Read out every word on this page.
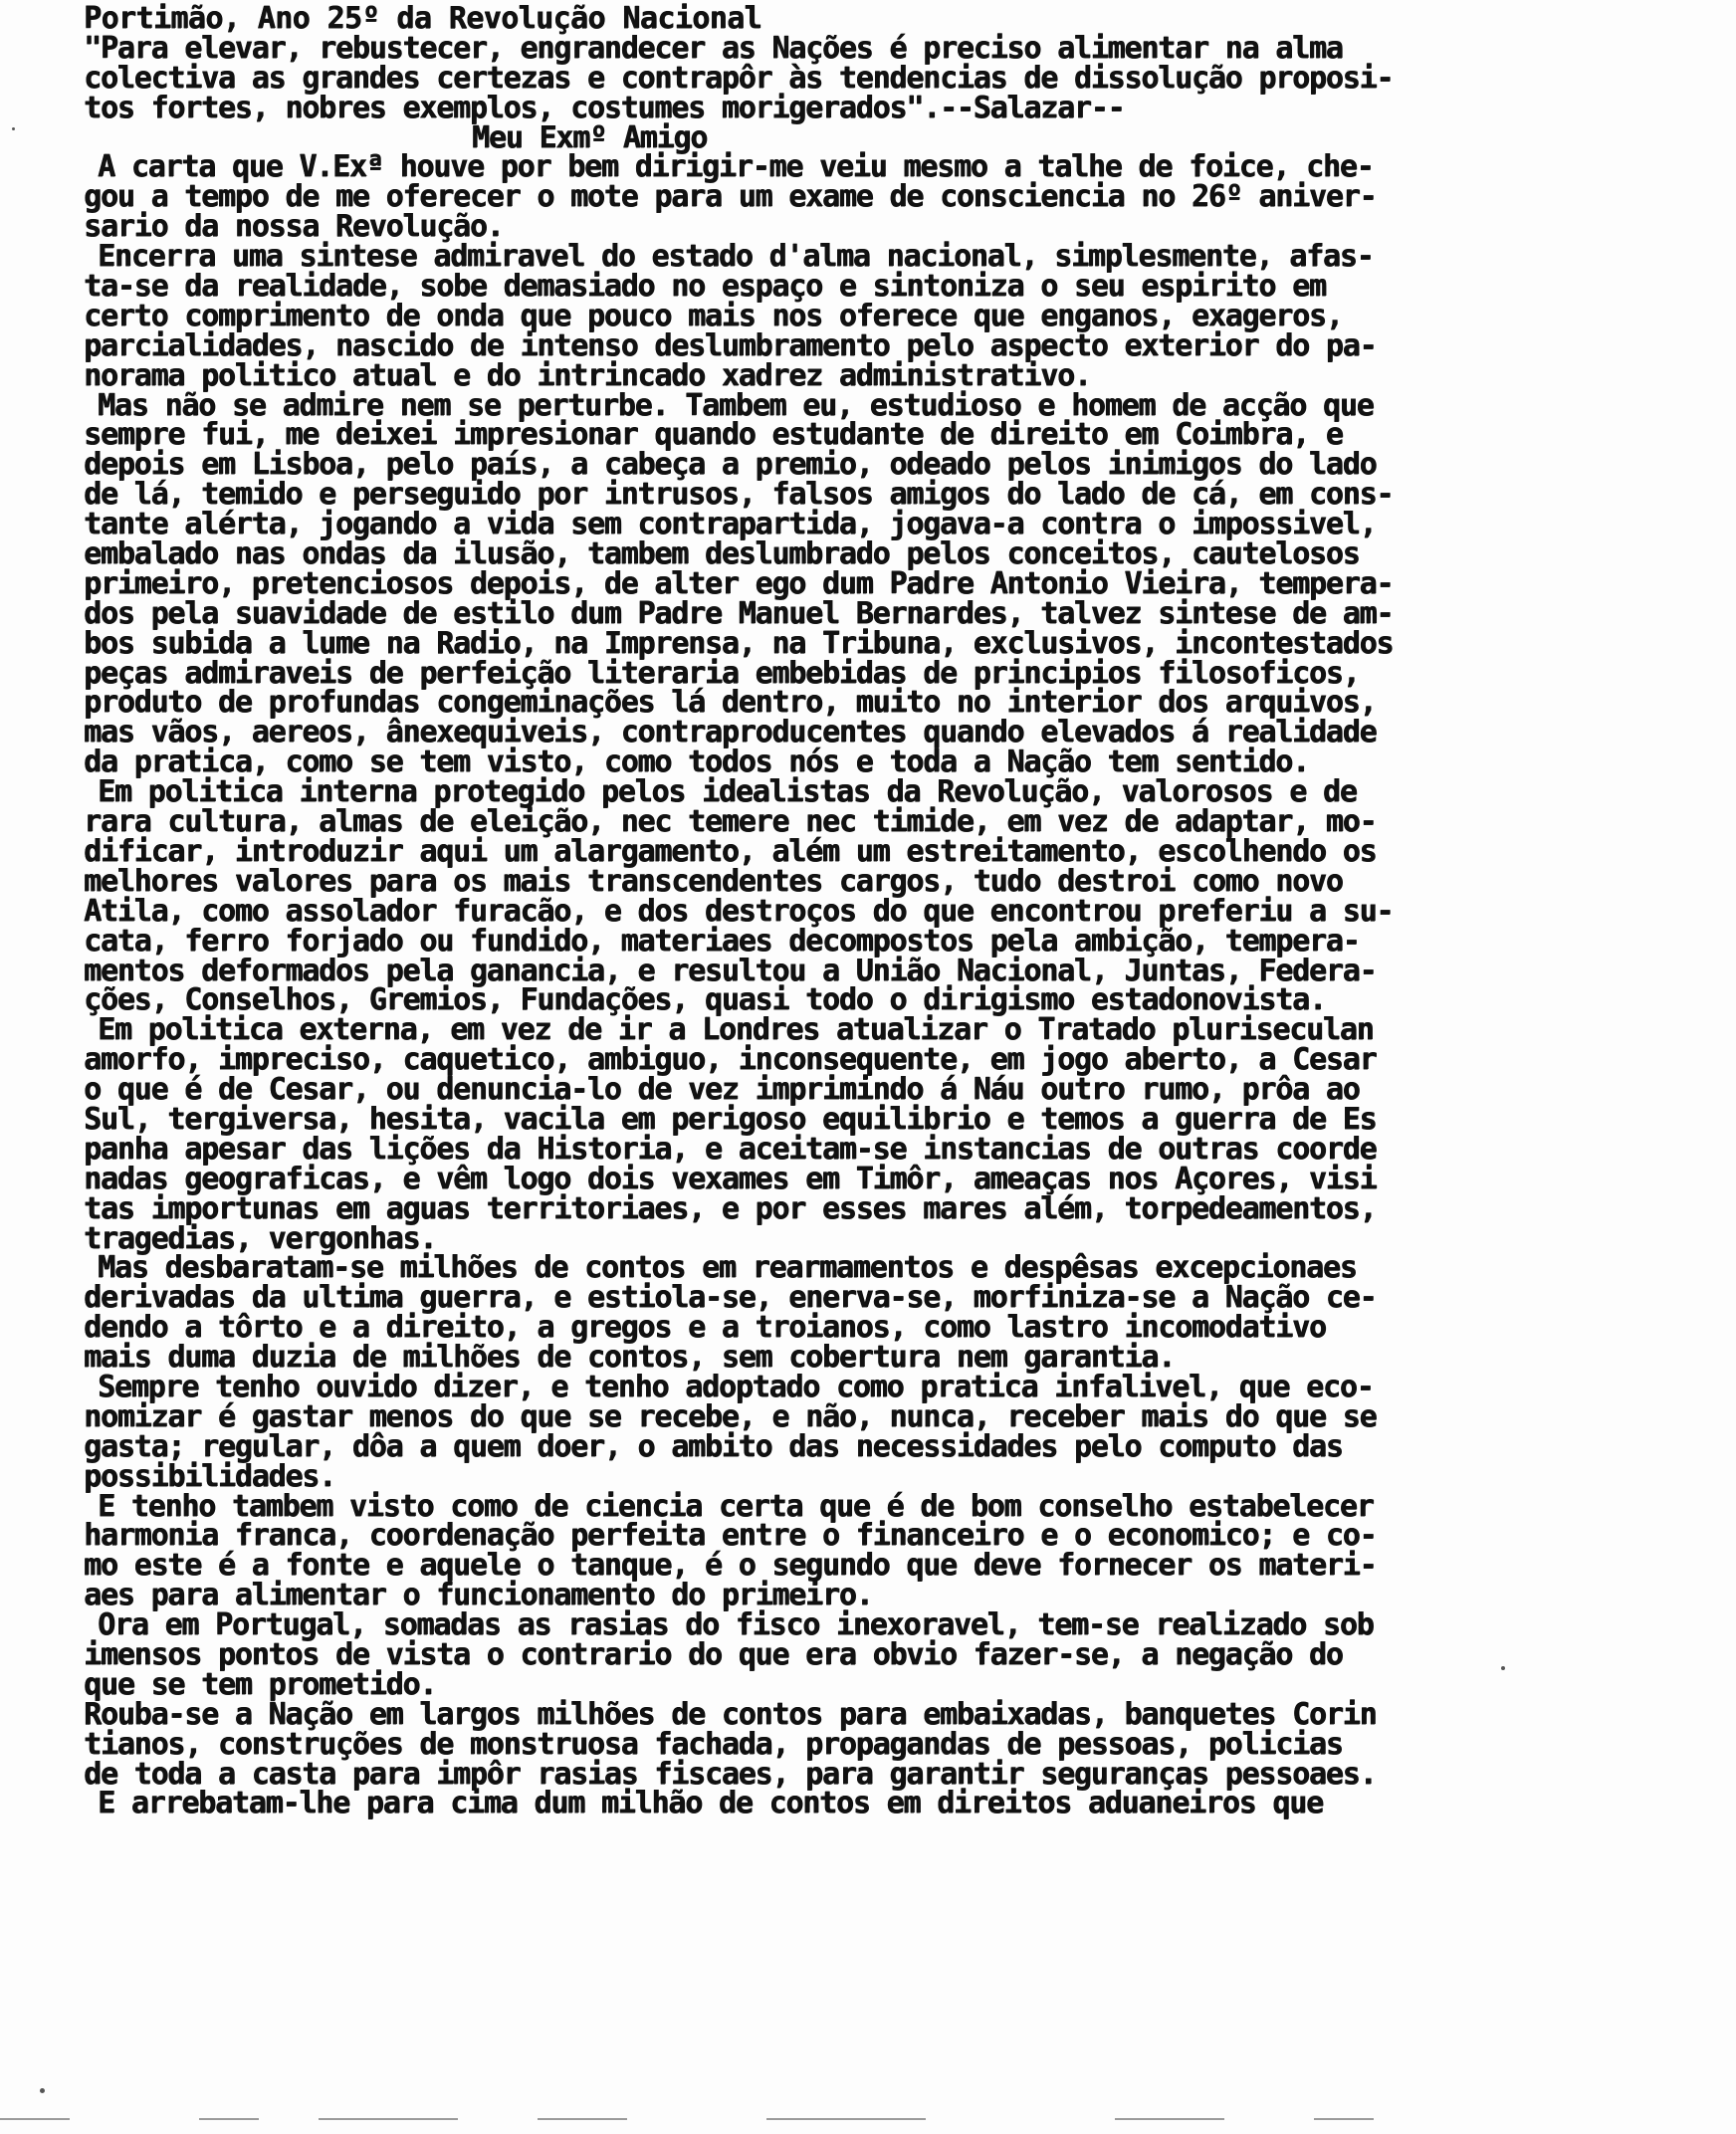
Portimão, Ano 25º da Revolução Nacional
"Para elevar, rebustecer, engrandecer as Nações é preciso alimentar na alma
colectiva as grandes certezas e contrapôr às tendencias de dissolução proposi-
tos fortes, nobres exemplos, costumes morigerados".--Salazar--
Meu Exmº Amigo
A carta que V.Exª houve por bem dirigir-me veiu mesmo a talhe de foice, che-
gou a tempo de me oferecer o mote para um exame de consciencia no 26º aniver-
sario da nossa Revolução.
Encerra uma sintese admiravel do estado d'alma nacional, simplesmente, afas-
ta-se da realidade, sobe demasiado no espaço e sintoniza o seu espirito em
certo comprimento de onda que pouco mais nos oferece que enganos, exageros,
parcialidades, nascido de intenso deslumbramento pelo aspecto exterior do pa-
norama politico atual e do intrincado xadrez administrativo.
Mas não se admire nem se perturbe. Tambem eu, estudioso e homem de acção que
sempre fui, me deixei impresionar quando estudante de direito em Coimbra, e
depois em Lisboa, pelo país, a cabeça a premio, odeado pelos inimigos do lado
de lá, temido e perseguido por intrusos, falsos amigos do lado de cá, em cons-
tante alérta, jogando a vida sem contrapartida, jogava-a contra o impossivel,
embalado nas ondas da ilusão, tambem deslumbrado pelos conceitos, cautelosos
primeiro, pretenciosos depois, de alter ego dum Padre Antonio Vieira, tempera-
dos pela suavidade de estilo dum Padre Manuel Bernardes, talvez sintese de am-
bos subida a lume na Radio, na Imprensa, na Tribuna, exclusivos, incontestados
peças admiraveis de perfeição literaria embebidas de principios filosoficos,
produto de profundas congeminações lá dentro, muito no interior dos arquivos,
mas vãos, aereos, ânexequiveis, contraproducentes quando elevados á realidade
da pratica, como se tem visto, como todos nós e toda a Nação tem sentido.
Em politica interna protegido pelos idealistas da Revolução, valorosos e de
rara cultura, almas de eleição, nec temere nec timide, em vez de adaptar, mo-
dificar, introduzir aqui um alargamento, além um estreitamento, escolhendo os
melhores valores para os mais transcendentes cargos, tudo destroi como novo
Atila, como assolador furacão, e dos destroços do que encontrou preferiu a su-
cata, ferro forjado ou fundido, materiaes decompostos pela ambição, tempera-
mentos deformados pela ganancia, e resultou a União Nacional, Juntas, Federa-
ções, Conselhos, Gremios, Fundações, quasi todo o dirigismo estadonovista.
Em politica externa, em vez de ir a Londres atualizar o Tratado pluriseculan
amorfo, impreciso, caquetico, ambiguo, inconsequente, em jogo aberto, a Cesar
o que é de Cesar, ou denuncia-lo de vez imprimindo á Náu outro rumo, prôa ao
Sul, tergiversa, hesita, vacila em perigoso equilibrio e temos a guerra de Es
panha apesar das lições da Historia, e aceitam-se instancias de outras coorde
nadas geograficas, e vêm logo dois vexames em Timôr, ameaças nos Açores, visi
tas importunas em aguas territoriaes, e por esses mares além, torpedeamentos,
tragedias, vergonhas.
Mas desbaratam-se milhões de contos em rearmamentos e despêsas excepcionaes
derivadas da ultima guerra, e estiola-se, enerva-se, morfiniza-se a Nação ce-
dendo a tôrto e a direito, a gregos e a troianos, como lastro incomodativo
mais duma duzia de milhões de contos, sem cobertura nem garantia.
Sempre tenho ouvido dizer, e tenho adoptado como pratica infalivel, que eco-
nomizar é gastar menos do que se recebe, e não, nunca, receber mais do que se
gasta; regular, dôa a quem doer, o ambito das necessidades pelo computo das
possibilidades.
E tenho tambem visto como de ciencia certa que é de bom conselho estabelecer
harmonia franca, coordenação perfeita entre o financeiro e o economico; e co-
mo este é a fonte e aquele o tanque, é o segundo que deve fornecer os materi-
aes para alimentar o funcionamento do primeiro.
Ora em Portugal, somadas as rasias do fisco inexoravel, tem-se realizado sob
imensos pontos de vista o contrario do que era obvio fazer-se, a negação do
que se tem prometido.
Rouba-se a Nação em largos milhões de contos para embaixadas, banquetes Corin
tianos, construções de monstruosa fachada, propagandas de pessoas, policias
de toda a casta para impôr rasias fiscaes, para garantir seguranças pessoaes.
E arrebatam-lhe para cima dum milhão de contos em direitos aduaneiros que
